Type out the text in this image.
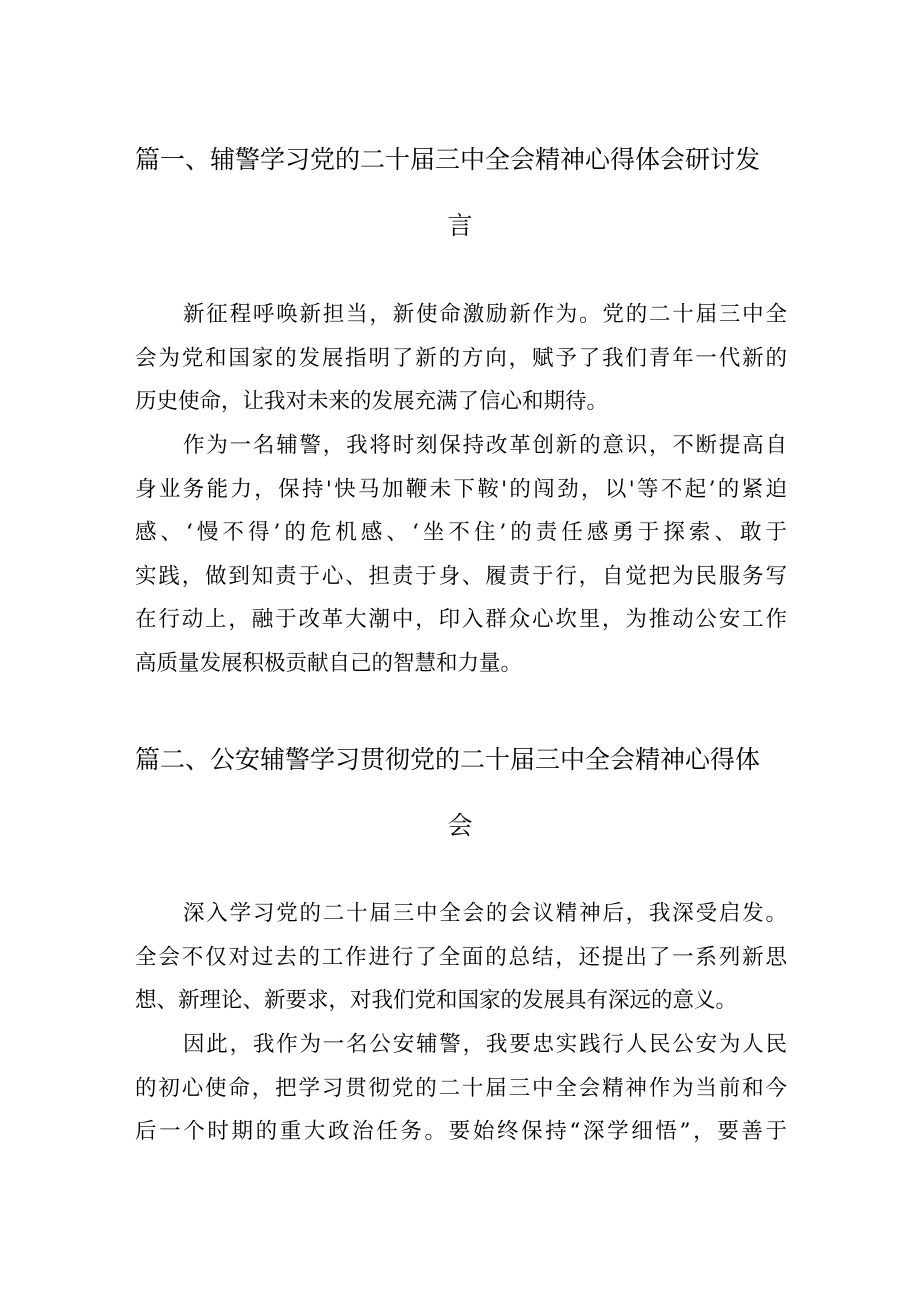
篇一、辅警学习党的二十届三中全会精神心得体会研讨发
言
新征程呼唤新担当，新使命激励新作为。党的二十届三中全
会为党和国家的发展指明了新的方向，赋予了我们青年一代新的
历史使命，让我对未来的发展充满了信心和期待。
作为一名辅警，我将时刻保持改革创新的意识，不断提高自
身业务能力，保持'快马加鞭未下鞍'的闯劲，以'等不起’的紧迫
感、‘慢不得’的危机感、‘坐不住’的责任感勇于探索、敢于
实践，做到知责于心、担责于身、履责于行，自觉把为民服务写
在行动上，融于改革大潮中，印入群众心坎里，为推动公安工作
高质量发展积极贡献自己的智慧和力量。
篇二、公安辅警学习贯彻党的二十届三中全会精神心得体
会
深入学习党的二十届三中全会的会议精神后，我深受启发。
全会不仅对过去的工作进行了全面的总结，还提出了一系列新思
想、新理论、新要求，对我们党和国家的发展具有深远的意义。
因此，我作为一名公安辅警，我要忠实践行人民公安为人民
的初心使命，把学习贯彻党的二十届三中全会精神作为当前和今
后一个时期的重大政治任务。要始终保持“深学细悟”，要善于
